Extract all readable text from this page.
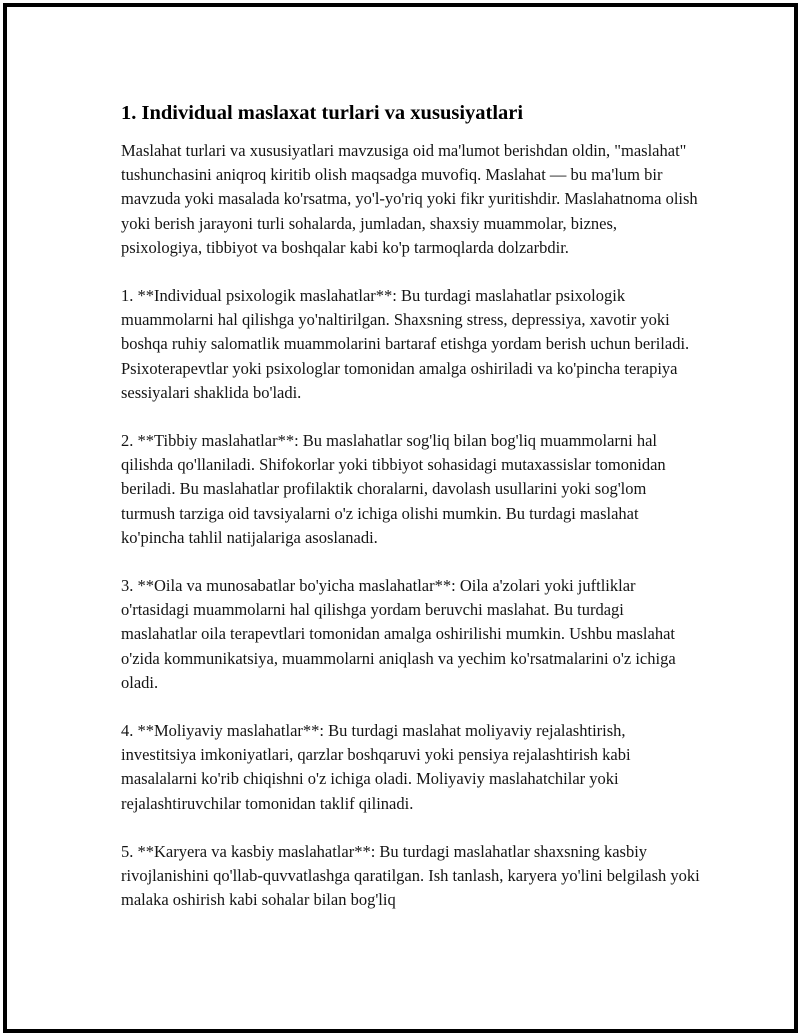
1. Individual maslaxat turlari va xususiyatlari

Maslahat turlari va xususiyatlari mavzusiga oid ma'lumot berishdan oldin, "maslahat" tushunchasini aniqroq kiritib olish maqsadga muvofiq. Maslahat — bu ma'lum bir mavzuda yoki masalada ko'rsatma, yo'l-yo'riq yoki fikr yuritishdir. Maslahatnoma olish yoki berish jarayoni turli sohalarda, jumladan, shaxsiy muammolar, biznes, psixologiya, tibbiyot va boshqalar kabi ko'p tarmoqlarda dolzarbdir.

1. **Individual psixologik maslahatlar**: Bu turdagi maslahatlar psixologik muammolarni hal qilishga yo'naltirilgan. Shaxsning stress, depressiya, xavotir yoki boshqa ruhiy salomatlik muammolarini bartaraf etishga yordam berish uchun beriladi. Psixoterapevtlar yoki psixologlar tomonidan amalga oshiriladi va ko'pincha terapiya sessiyalari shaklida bo'ladi.

2. **Tibbiy maslahatlar**: Bu maslahatlar sog'liq bilan bog'liq muammolarni hal qilishda qo'llaniladi. Shifokorlar yoki tibbiyot sohasidagi mutaxassislar tomonidan beriladi. Bu maslahatlar profilaktik choralarni, davolash usullarini yoki sog'lom turmush tarziga oid tavsiyalarni o'z ichiga olishi mumkin. Bu turdagi maslahat ko'pincha tahlil natijalariga asoslanadi.

3. **Oila va munosabatlar bo'yicha maslahatlar**: Oila a'zolari yoki juftliklar o'rtasidagi muammolarni hal qilishga yordam beruvchi maslahat. Bu turdagi maslahatlar oila terapevtlari tomonidan amalga oshirilishi mumkin. Ushbu maslahat o'zida kommunikatsiya, muammolarni aniqlash va yechim ko'rsatmalarini o'z ichiga oladi.

4. **Moliyaviy maslahatlar**: Bu turdagi maslahat moliyaviy rejalashtirish, investitsiya imkoniyatlari, qarzlar boshqaruvi yoki pensiya rejalashtirish kabi masalalarni ko'rib chiqishni o'z ichiga oladi. Moliyaviy maslahatchilar yoki rejalashtiruvchilar tomonidan taklif qilinadi.

5. **Karyera va kasbiy maslahatlar**: Bu turdagi maslahatlar shaxsning kasbiy rivojlanishini qo'llab-quvvatlashga qaratilgan. Ish tanlash, karyera yo'lini belgilash yoki malaka oshirish kabi sohalar bilan bog'liq
